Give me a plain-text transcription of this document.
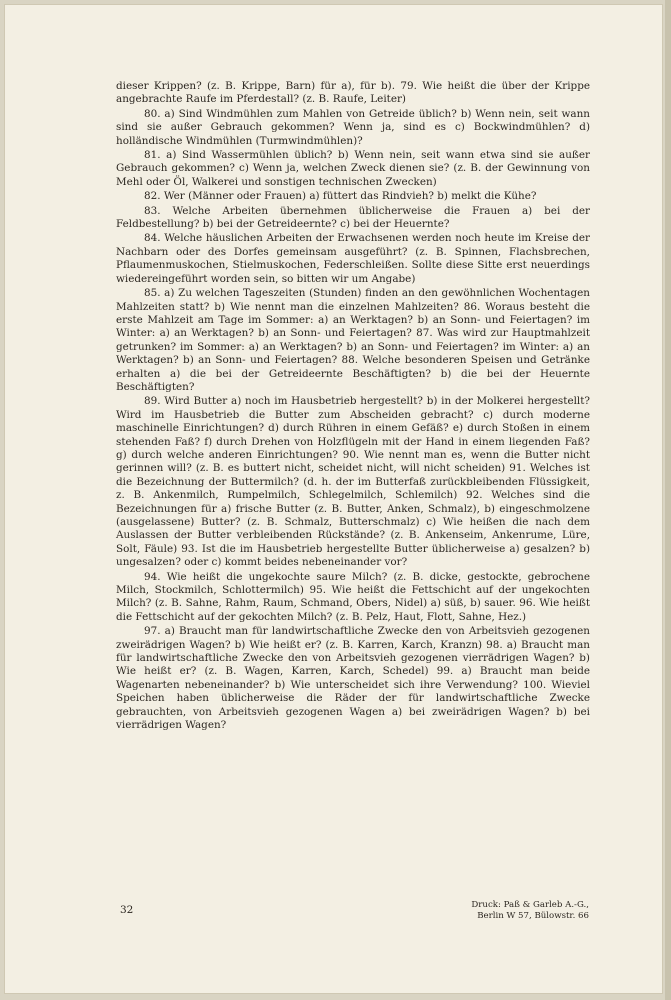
dieser Krippen? (z. B. Krippe, Barn) für a), für b). 79. Wie heißt die über der Krippe angebrachte Raufe im Pferdestall? (z. B. Raufe, Leiter)

80. a) Sind Windmühlen zum Mahlen von Getreide üblich? b) Wenn nein, seit wann sind sie außer Gebrauch gekommen? Wenn ja, sind es c) Bockwindmühlen? d) holländische Windmühlen (Turmwindmühlen)?

81. a) Sind Wassermühlen üblich? b) Wenn nein, seit wann etwa sind sie außer Gebrauch gekommen? c) Wenn ja, welchen Zweck dienen sie? (z. B. der Gewinnung von Mehl oder Öl, Walkerei und sonstigen technischen Zwecken)

82. Wer (Männer oder Frauen) a) füttert das Rindvieh? b) melkt die Kühe?

83. Welche Arbeiten übernehmen üblicherweise die Frauen a) bei der Feldbestellung? b) bei der Getreideernte? c) bei der Heuernte?

84. Welche häuslichen Arbeiten der Erwachsenen werden noch heute im Kreise der Nachbarn oder des Dorfes gemeinsam ausgeführt? (z. B. Spinnen, Flachsbrechen, Pflaumenmuskochen, Stielmuskochen, Federschleißen. Sollte diese Sitte erst neuerdings wiedereingeführt worden sein, so bitten wir um Angabe)

85. a) Zu welchen Tageszeiten (Stunden) finden an den gewöhnlichen Wochentagen Mahlzeiten statt? b) Wie nennt man die einzelnen Mahlzeiten? 86. Woraus besteht die erste Mahlzeit am Tage im Sommer: a) an Werktagen? b) an Sonn- und Feiertagen? im Winter: a) an Werktagen? b) an Sonn- und Feiertagen? 87. Was wird zur Hauptmahlzeit getrunken? im Sommer: a) an Werktagen? b) an Sonn- und Feiertagen? im Winter: a) an Werktagen? b) an Sonn- und Feiertagen? 88. Welche besonderen Speisen und Getränke erhalten a) die bei der Getreideernte Beschäftigten? b) die bei der Heuernte Beschäftigten?

89. Wird Butter a) noch im Hausbetrieb hergestellt? b) in der Molkerei hergestellt? Wird im Hausbetrieb die Butter zum Abscheiden gebracht? c) durch moderne maschinelle Einrichtungen? d) durch Rühren in einem Gefäß? e) durch Stoßen in einem stehenden Faß? f) durch Drehen von Holzflügeln mit der Hand in einem liegenden Faß? g) durch welche anderen Einrichtungen? 90. Wie nennt man es, wenn die Butter nicht gerinnen will? (z. B. es buttert nicht, scheidet nicht, will nicht scheiden) 91. Welches ist die Bezeichnung der Buttermilch? (d. h. der im Butterfaß zurückbleibenden Flüssigkeit, z. B. Ankenmilch, Rumpelmilch, Schlegelmilch, Schlemilch) 92. Welches sind die Bezeichnungen für a) frische Butter (z. B. Butter, Anken, Schmalz), b) eingeschmolzene (ausgelassene) Butter? (z. B. Schmalz, Butterschmalz) c) Wie heißen die nach dem Auslassen der Butter verbleibenden Rückstände? (z. B. Ankenseim, Ankenrume, Lüre, Solt, Fäule) 93. Ist die im Hausbetrieb hergestellte Butter üblicherweise a) gesalzen? b) ungesalzen? oder c) kommt beides nebeneinander vor?

94. Wie heißt die ungekochte saure Milch? (z. B. dicke, gestockte, gebrochene Milch, Stockmilch, Schlottermilch) 95. Wie heißt die Fettschicht auf der ungekochten Milch? (z. B. Sahne, Rahm, Raum, Schmand, Obers, Nidel) a) süß, b) sauer. 96. Wie heißt die Fettschicht auf der gekochten Milch? (z. B. Pelz, Haut, Flott, Sahne, Hez.)

97. a) Braucht man für landwirtschaftliche Zwecke den von Arbeitsvieh gezogenen zweirädrigen Wagen? b) Wie heißt er? (z. B. Karren, Karch, Kranzn) 98. a) Braucht man für landwirtschaftliche Zwecke den von Arbeitsvieh gezogenen vierrädrigen Wagen? b) Wie heißt er? (z. B. Wagen, Karren, Karch, Schedel) 99. a) Braucht man beide Wagenarten nebeneinander? b) Wie unterscheidet sich ihre Verwendung? 100. Wieviel Speichen haben üblicherweise die Räder der für landwirtschaftliche Zwecke gebrauchten, von Arbeitsvieh gezogenen Wagen a) bei zweirädrigen Wagen? b) bei vierrädrigen Wagen?

32	Druck: Paß & Garleb A.-G.,
Berlin W 57, Bülowstr. 66
